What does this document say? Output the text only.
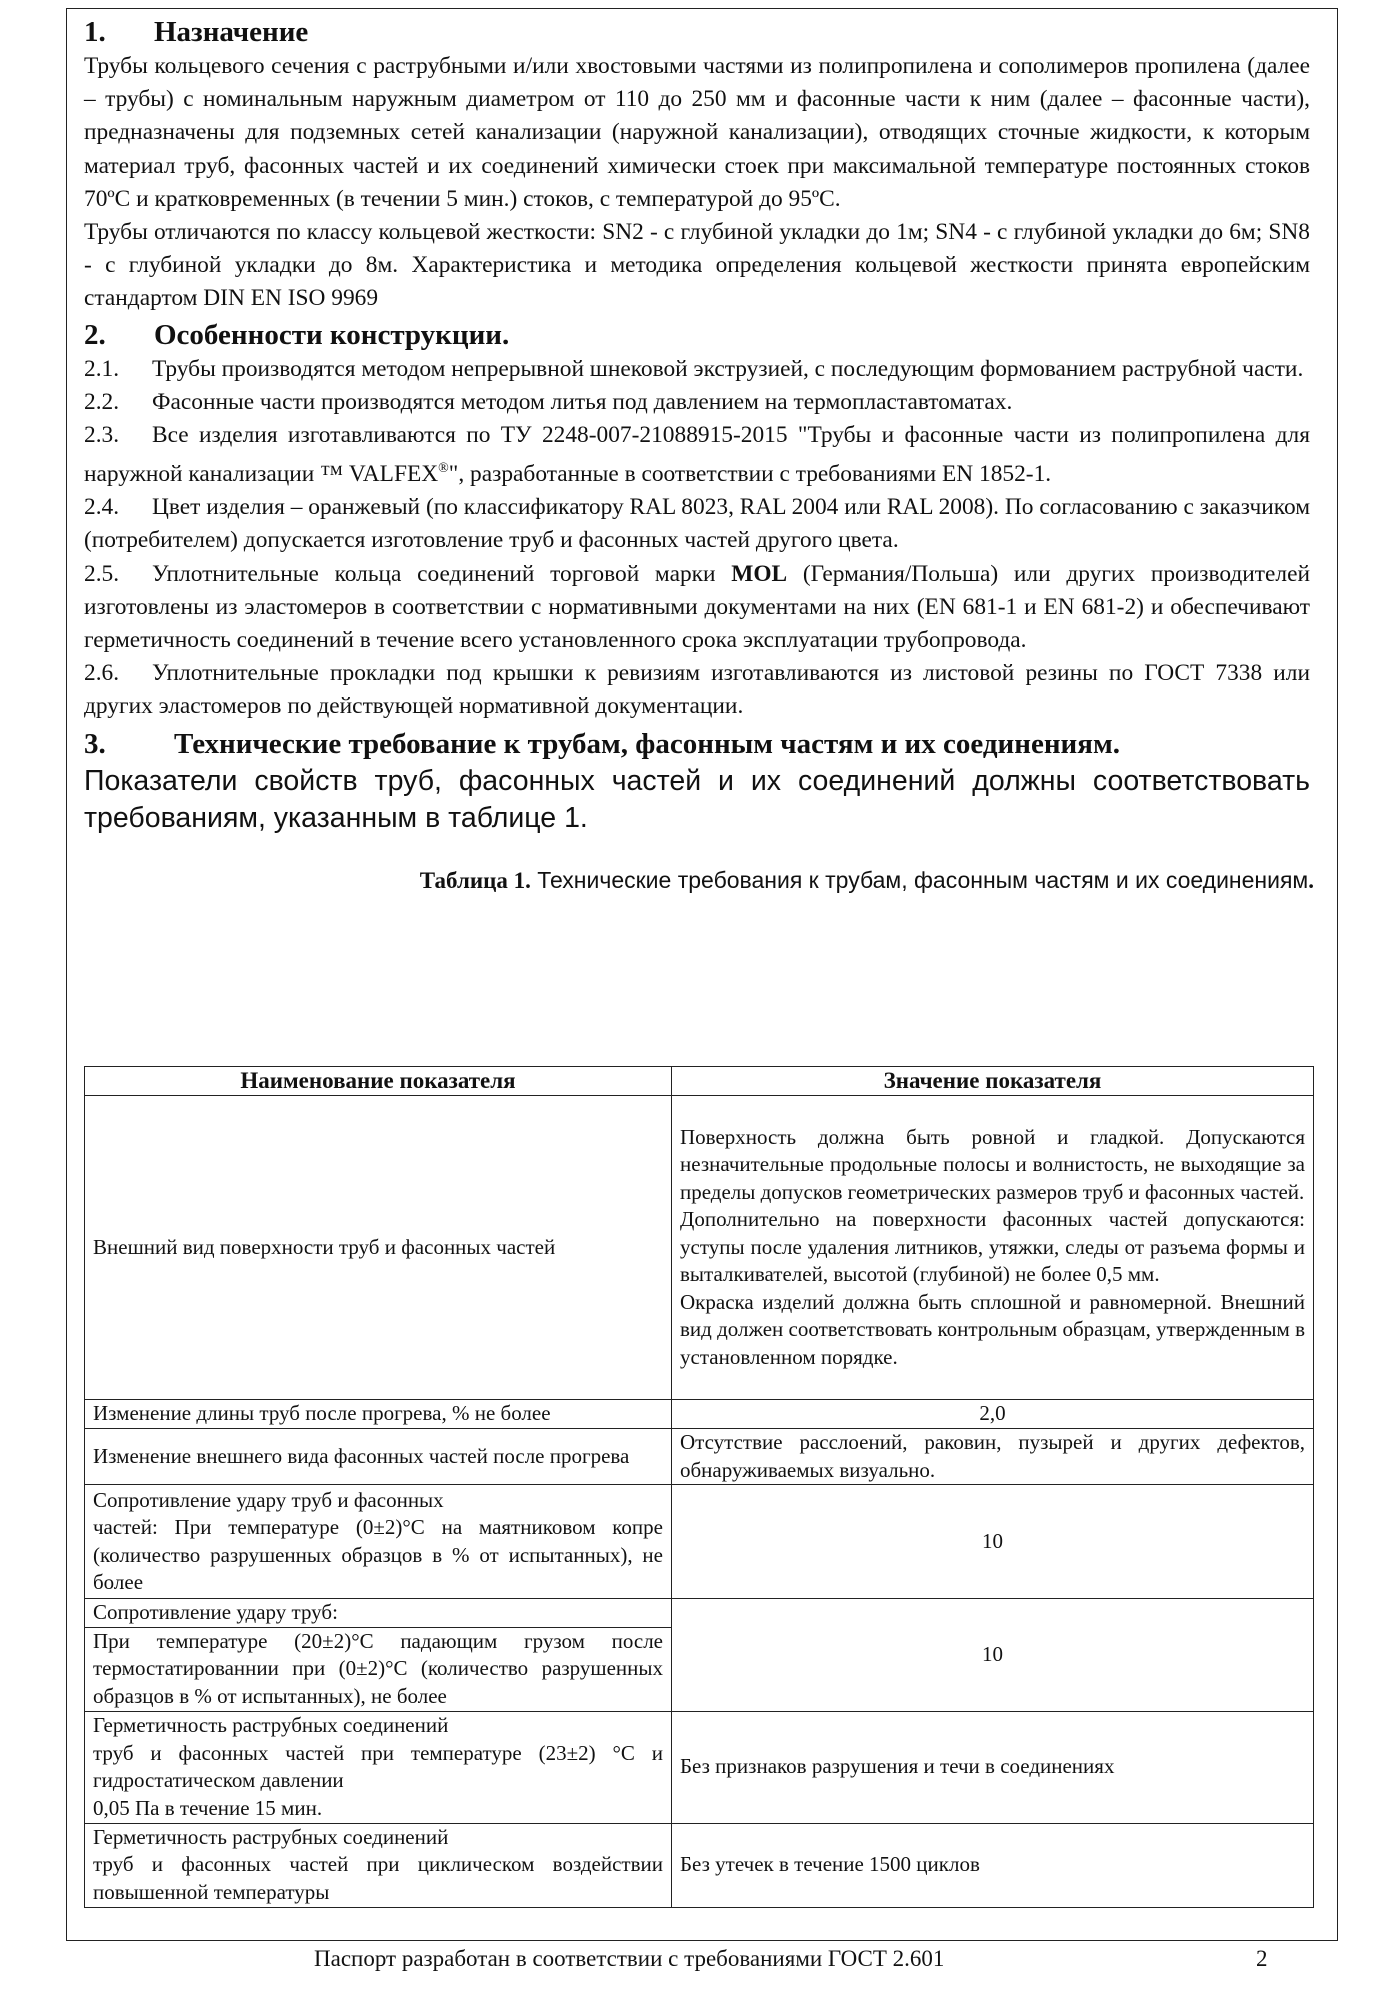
1. Назначение
Трубы кольцевого сечения с раструбными и/или хвостовыми частями из полипропилена и сополимеров пропилена (далее – трубы) с номинальным наружным диаметром от 110 до 250 мм и фасонные части к ним (далее – фасонные части), предназначены для подземных сетей канализации (наружной канализации), отводящих сточные жидкости, к которым материал труб, фасонных частей и их соединений химически стоек при максимальной температуре постоянных стоков 70ºС и кратковременных (в течении 5 мин.) стоков, с температурой до 95ºС.
Трубы отличаются по классу кольцевой жесткости: SN2 - с глубиной укладки до 1м; SN4 - с глубиной укладки до 6м; SN8 - с глубиной укладки до 8м. Характеристика и методика определения кольцевой жесткости принята европейским стандартом DIN EN ISO 9969
2. Особенности конструкции.
2.1. Трубы производятся методом непрерывной шнековой экструзией, с последующим формованием раструбной части.
2.2. Фасонные части производятся методом литья под давлением на термопластавтоматах.
2.3. Все изделия изготавливаются по ТУ 2248-007-21088915-2015 "Трубы и фасонные части из полипропилена для наружной канализации ™ VALFEX®", разработанные в соответствии с требованиями EN 1852-1.
2.4. Цвет изделия – оранжевый (по классификатору RAL 8023, RAL 2004 или RAL 2008). По согласованию с заказчиком (потребителем) допускается изготовление труб и фасонных частей другого цвета.
2.5. Уплотнительные кольца соединений торговой марки MOL (Германия/Польша) или других производителей изготовлены из эластомеров в соответствии с нормативными документами на них (EN 681-1 и EN 681-2) и обеспечивают герметичность соединений в течение всего установленного срока эксплуатации трубопровода.
2.6. Уплотнительные прокладки под крышки к ревизиям изготавливаются из листовой резины по ГОСТ 7338 или других эластомеров по действующей нормативной документации.
3. Технические требование к трубам, фасонным частям и их соединениям.
Показатели свойств труб, фасонных частей и их соединений должны соответствовать требованиям, указанным в таблице 1.
Таблица 1. Технические требования к трубам, фасонным частям и их соединениям.
Наименование показателя	Значение показателя
Внешний вид поверхности труб и фасонных частей	Поверхность должна быть ровной и гладкой. Допускаются незначительные продольные полосы и волнистость, не выходящие за пределы допусков геометрических размеров труб и фасонных частей.
Дополнительно на поверхности фасонных частей допускаются: уступы после удаления литников, утяжки, следы от разъема формы и выталкивателей, высотой (глубиной) не более 0,5 мм.
Окраска изделий должна быть сплошной и равномерной. Внешний вид должен соответствовать контрольным образцам, утвержденным в установленном порядке.

Изменение длины труб после прогрева, % не более	2,0
Изменение внешнего вида фасонных частей после прогрева	Отсутствие расслоений, раковин, пузырей и других дефектов, обнаруживаемых визуально.

Сопротивление удару труб и фасонных
частей: При температуре (0±2)°С на маятниковом копре (количество разрушенных образцов в % от испытанных), не более	10
Сопротивление удару труб:	10
При температуре (20±2)°С падающим грузом после термостатированнии при (0±2)°С (количество разрушенных образцов в % от испытанных), не более	

Герметичность раструбных соединений
труб и фасонных частей при температуре (23±2) °С и гидростатическом давлении
0,05 Па в течение 15 мин.	Без признаков разрушения и течи в соединениях

Герметичность раструбных соединений
труб и фасонных частей при циклическом воздействии повышенной температуры	Без утечек в течение 1500 циклов
Паспорт разработан в соответствии с требованиями ГОСТ 2.601	2
